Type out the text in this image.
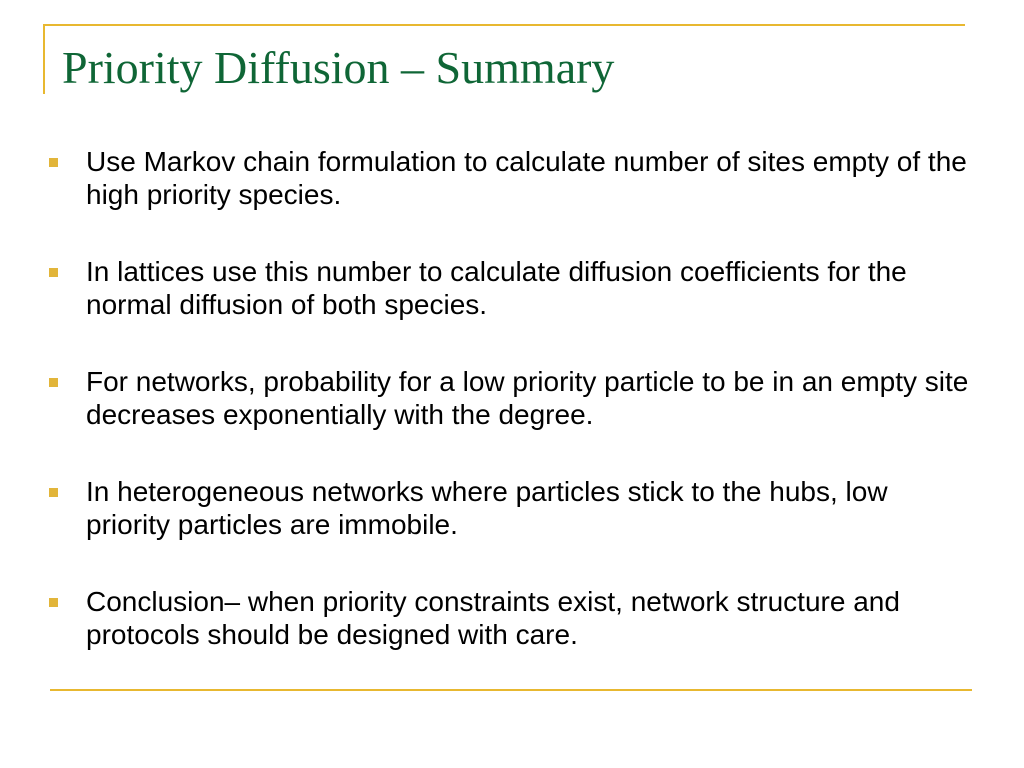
Priority Diffusion – Summary
Use Markov chain formulation to calculate number of sites empty of the high priority species.
In lattices use this number to calculate diffusion coefficients for the normal diffusion of both species.
For networks, probability for a low priority particle to be in an empty site decreases exponentially with the degree.
In heterogeneous networks where particles stick to the hubs, low priority particles are immobile.
Conclusion– when priority constraints exist, network structure and protocols should be designed with care.
